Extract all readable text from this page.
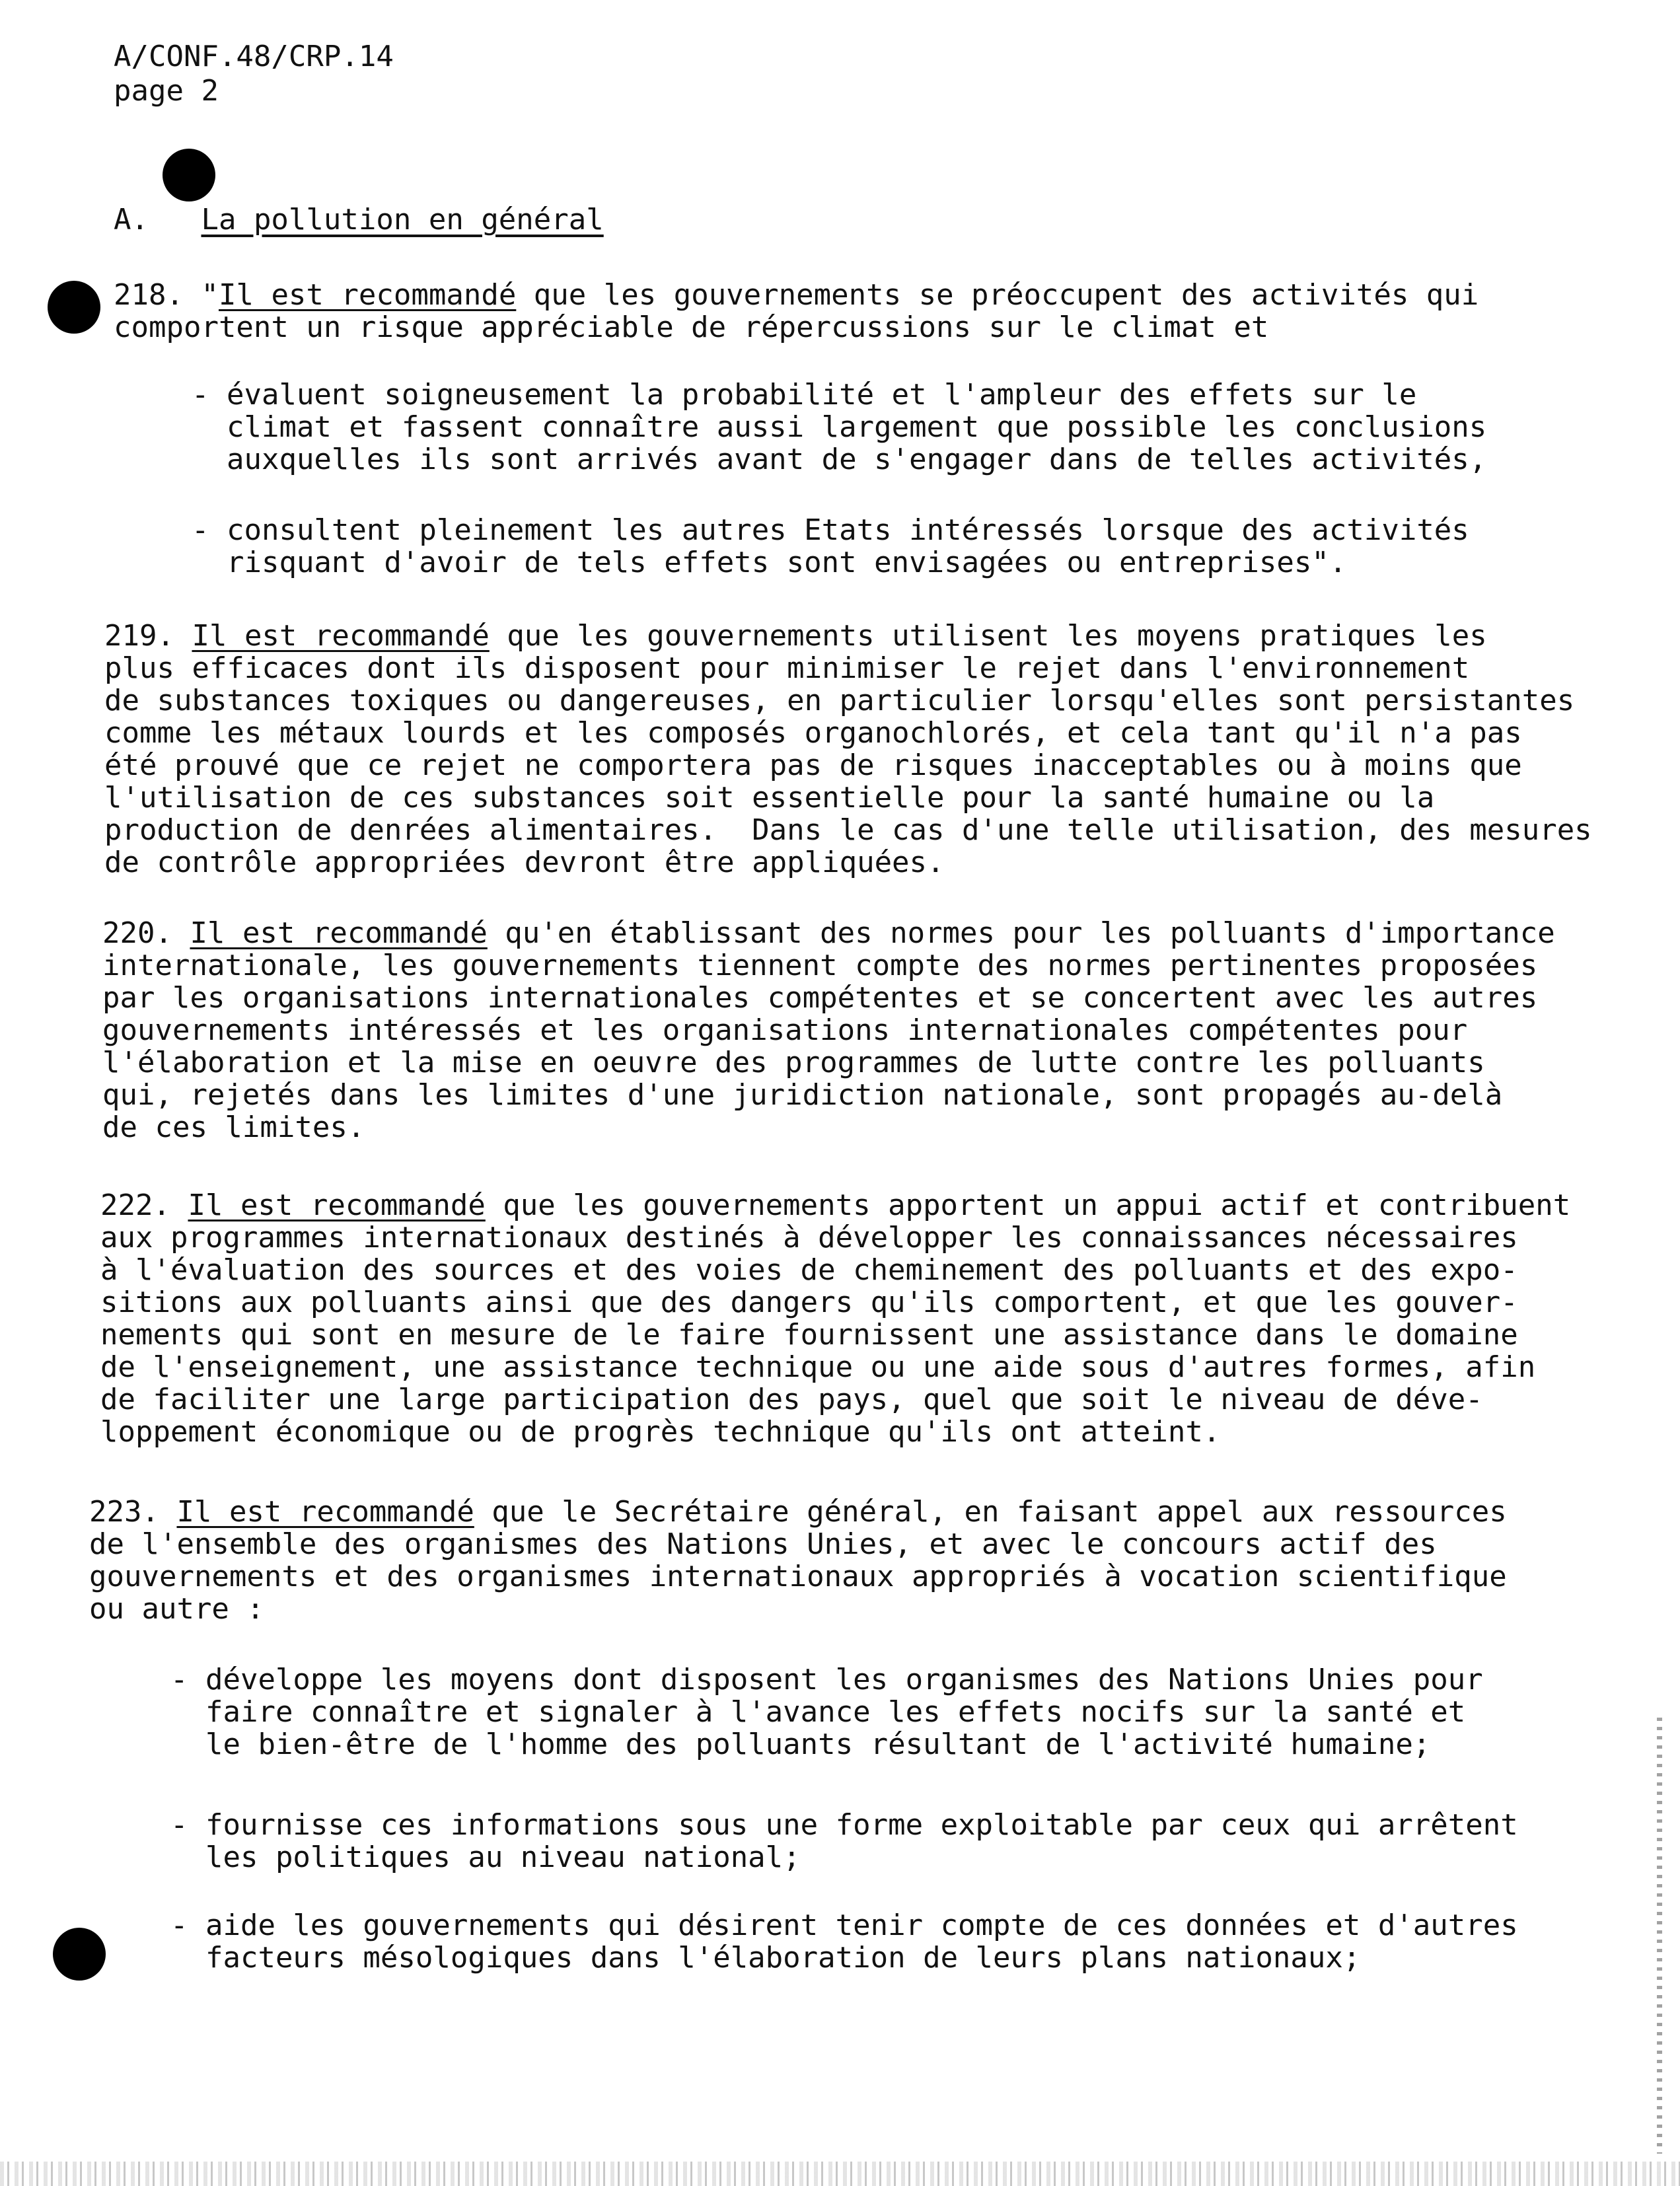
A/CONF.48/CRP.14
page 2
A. La pollution en général
218. "Il est recommandé que les gouvernements se préoccupent des activités qui
comportent un risque appréciable de répercussions sur le climat et
- évaluent soigneusement la probabilité et l'ampleur des effets sur le
climat et fassent connaître aussi largement que possible les conclusions
auxquelles ils sont arrivés avant de s'engager dans de telles activités,
- consultent pleinement les autres Etats intéressés lorsque des activités
risquant d'avoir de tels effets sont envisagées ou entreprises".
219. Il est recommandé que les gouvernements utilisent les moyens pratiques les
plus efficaces dont ils disposent pour minimiser le rejet dans l'environnement
de substances toxiques ou dangereuses, en particulier lorsqu'elles sont persistantes
comme les métaux lourds et les composés organochlorés, et cela tant qu'il n'a pas
été prouvé que ce rejet ne comportera pas de risques inacceptables ou à moins que
l'utilisation de ces substances soit essentielle pour la santé humaine ou la
production de denrées alimentaires.  Dans le cas d'une telle utilisation, des mesures
de contrôle appropriées devront être appliquées.
220. Il est recommandé qu'en établissant des normes pour les polluants d'importance
internationale, les gouvernements tiennent compte des normes pertinentes proposées
par les organisations internationales compétentes et se concertent avec les autres
gouvernements intéressés et les organisations internationales compétentes pour
l'élaboration et la mise en oeuvre des programmes de lutte contre les polluants
qui, rejetés dans les limites d'une juridiction nationale, sont propagés au-delà
de ces limites.
222. Il est recommandé que les gouvernements apportent un appui actif et contribuent
aux programmes internationaux destinés à développer les connaissances nécessaires
à l'évaluation des sources et des voies de cheminement des polluants et des expo-
sitions aux polluants ainsi que des dangers qu'ils comportent, et que les gouver-
nements qui sont en mesure de le faire fournissent une assistance dans le domaine
de l'enseignement, une assistance technique ou une aide sous d'autres formes, afin
de faciliter une large participation des pays, quel que soit le niveau de déve-
loppement économique ou de progrès technique qu'ils ont atteint.
223. Il est recommandé que le Secrétaire général, en faisant appel aux ressources
de l'ensemble des organismes des Nations Unies, et avec le concours actif des
gouvernements et des organismes internationaux appropriés à vocation scientifique
ou autre :
- développe les moyens dont disposent les organismes des Nations Unies pour
faire connaître et signaler à l'avance les effets nocifs sur la santé et
le bien-être de l'homme des polluants résultant de l'activité humaine;
- fournisse ces informations sous une forme exploitable par ceux qui arrêtent
les politiques au niveau national;
- aide les gouvernements qui désirent tenir compte de ces données et d'autres
facteurs mésologiques dans l'élaboration de leurs plans nationaux;
